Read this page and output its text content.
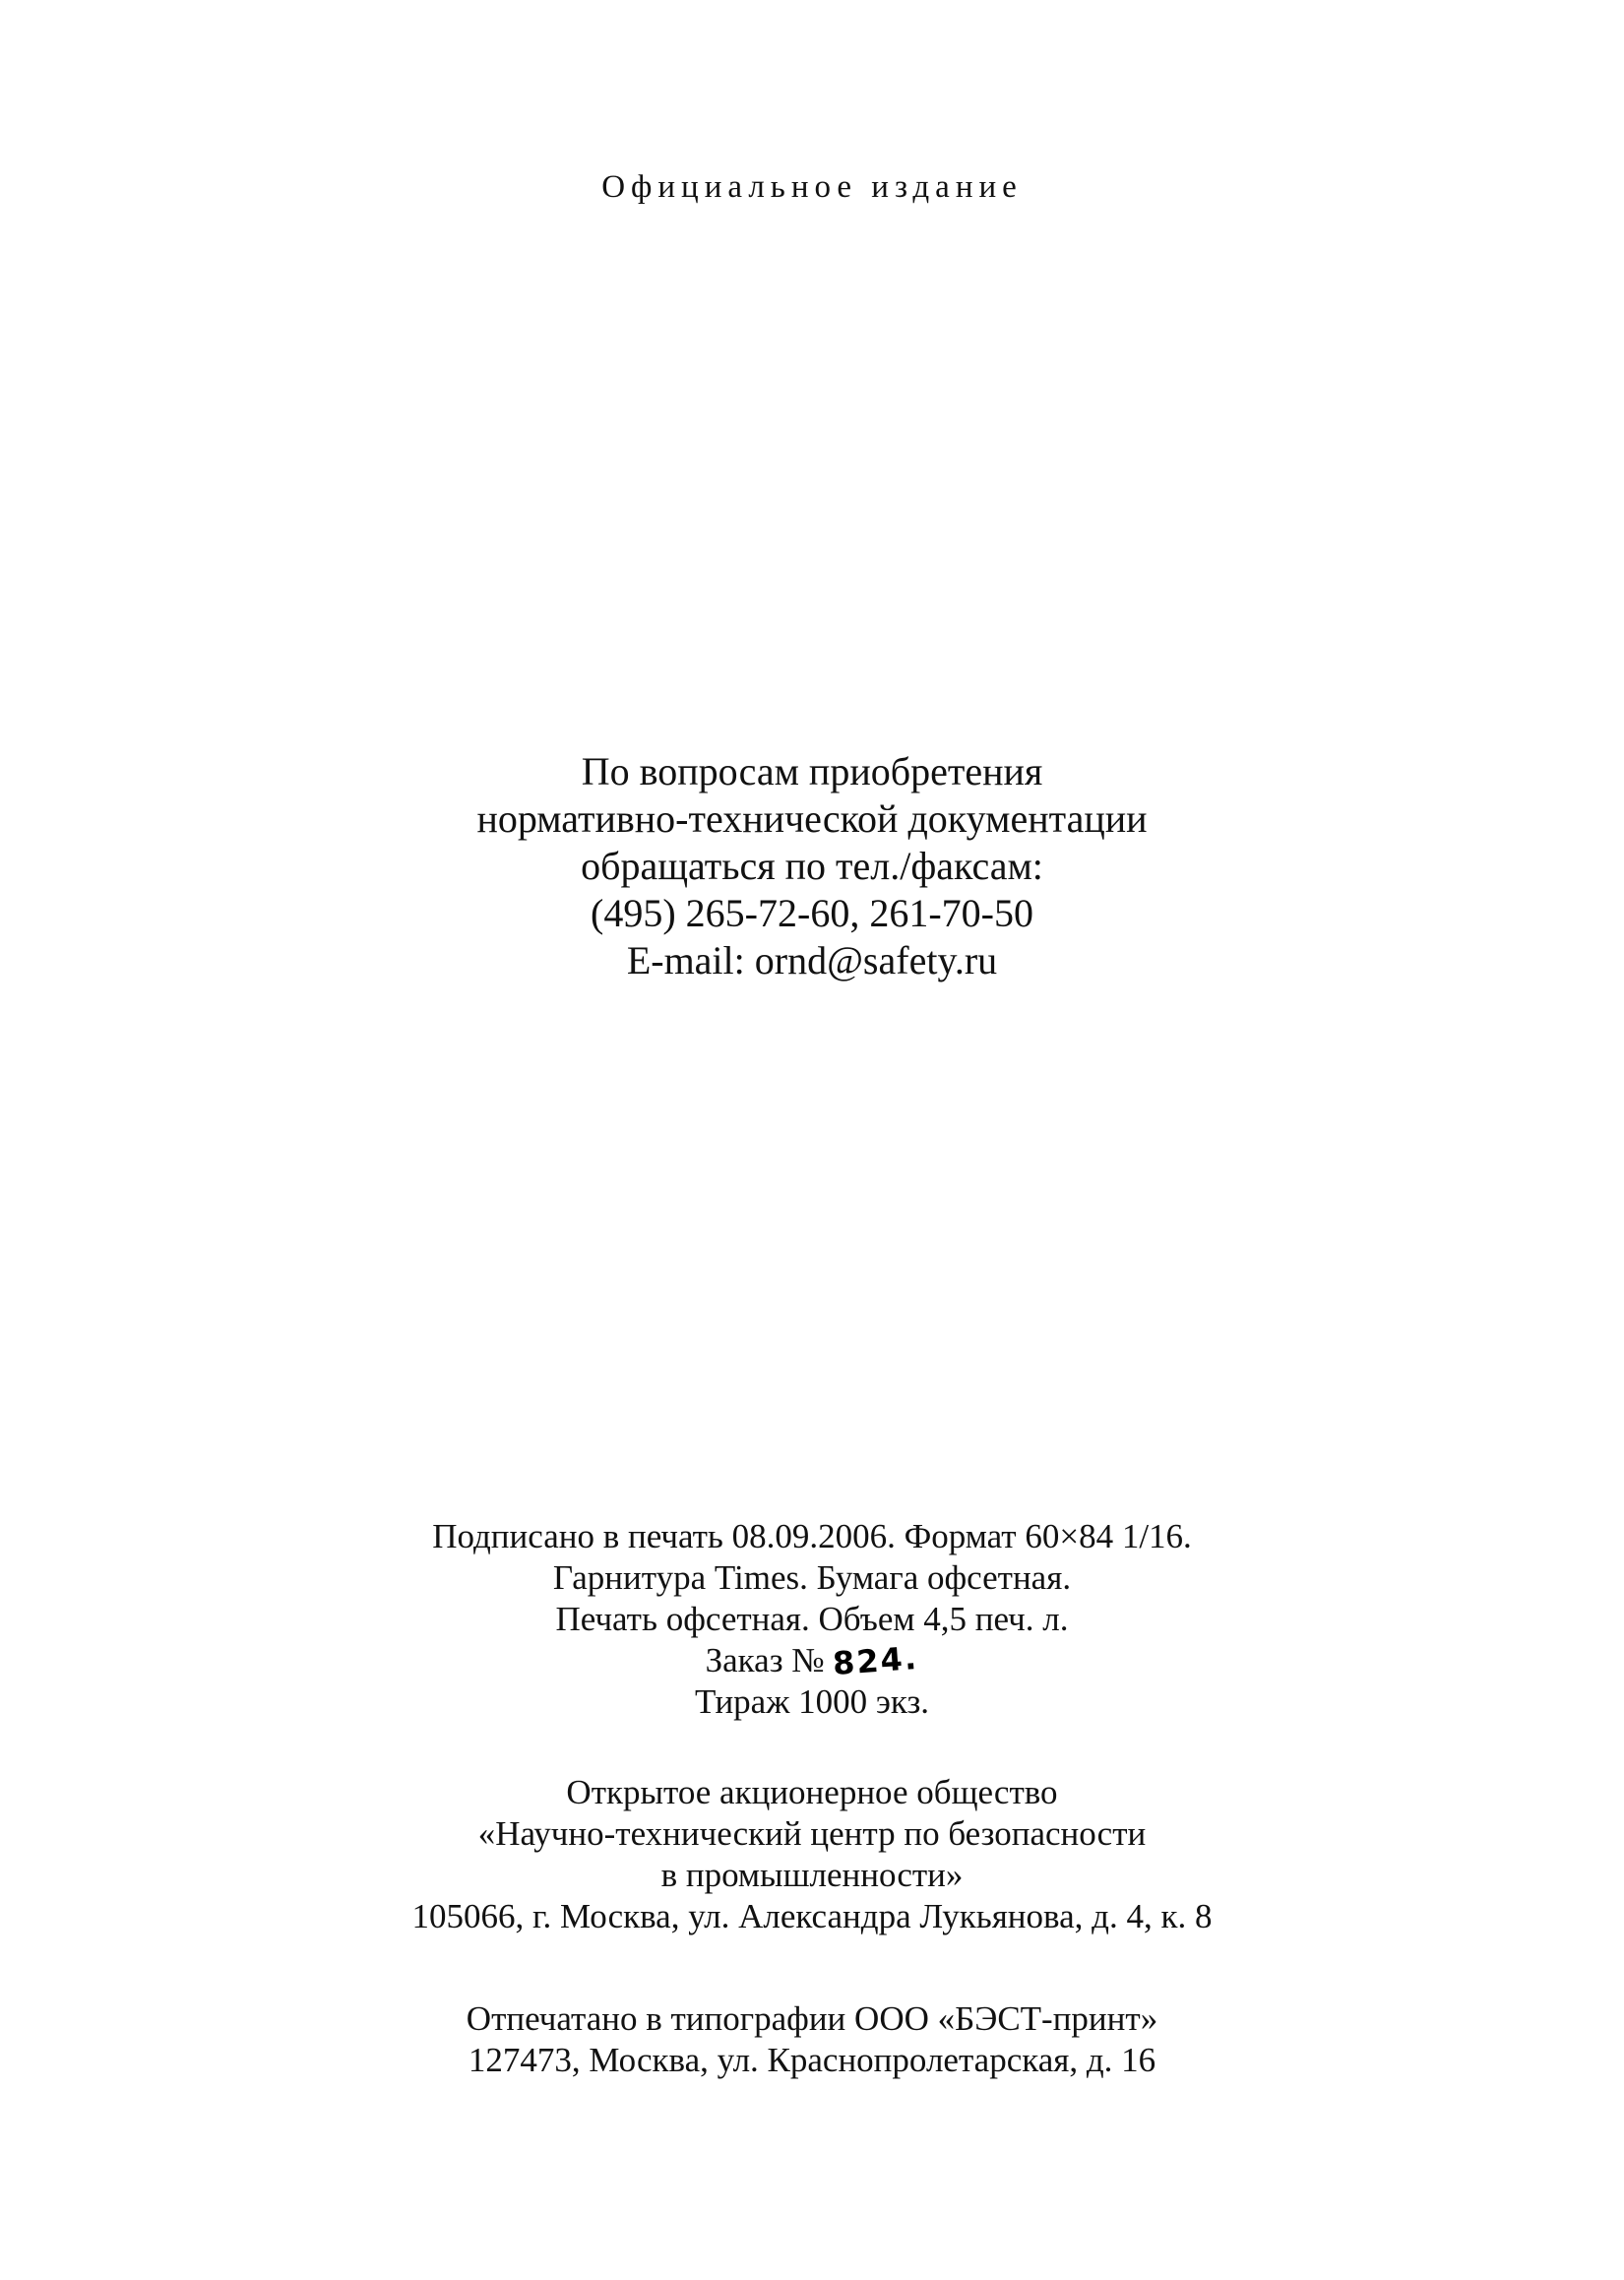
Официальное издание
По вопросам приобретения
нормативно-технической документации
обращаться по тел./факсам:
(495) 265-72-60, 261-70-50
E-mail: ornd@safety.ru
Подписано в печать 08.09.2006. Формат 60×84 1/16.
Гарнитура Times. Бумага офсетная.
Печать офсетная. Объем 4,5 печ. л.
Заказ № 824.
Тираж 1000 экз.
Открытое акционерное общество
«Научно-технический центр по безопасности
в промышленности»
105066, г. Москва, ул. Александра Лукьянова, д. 4, к. 8
Отпечатано в типографии ООО «БЭСТ-принт»
127473, Москва, ул. Краснопролетарская, д. 16
